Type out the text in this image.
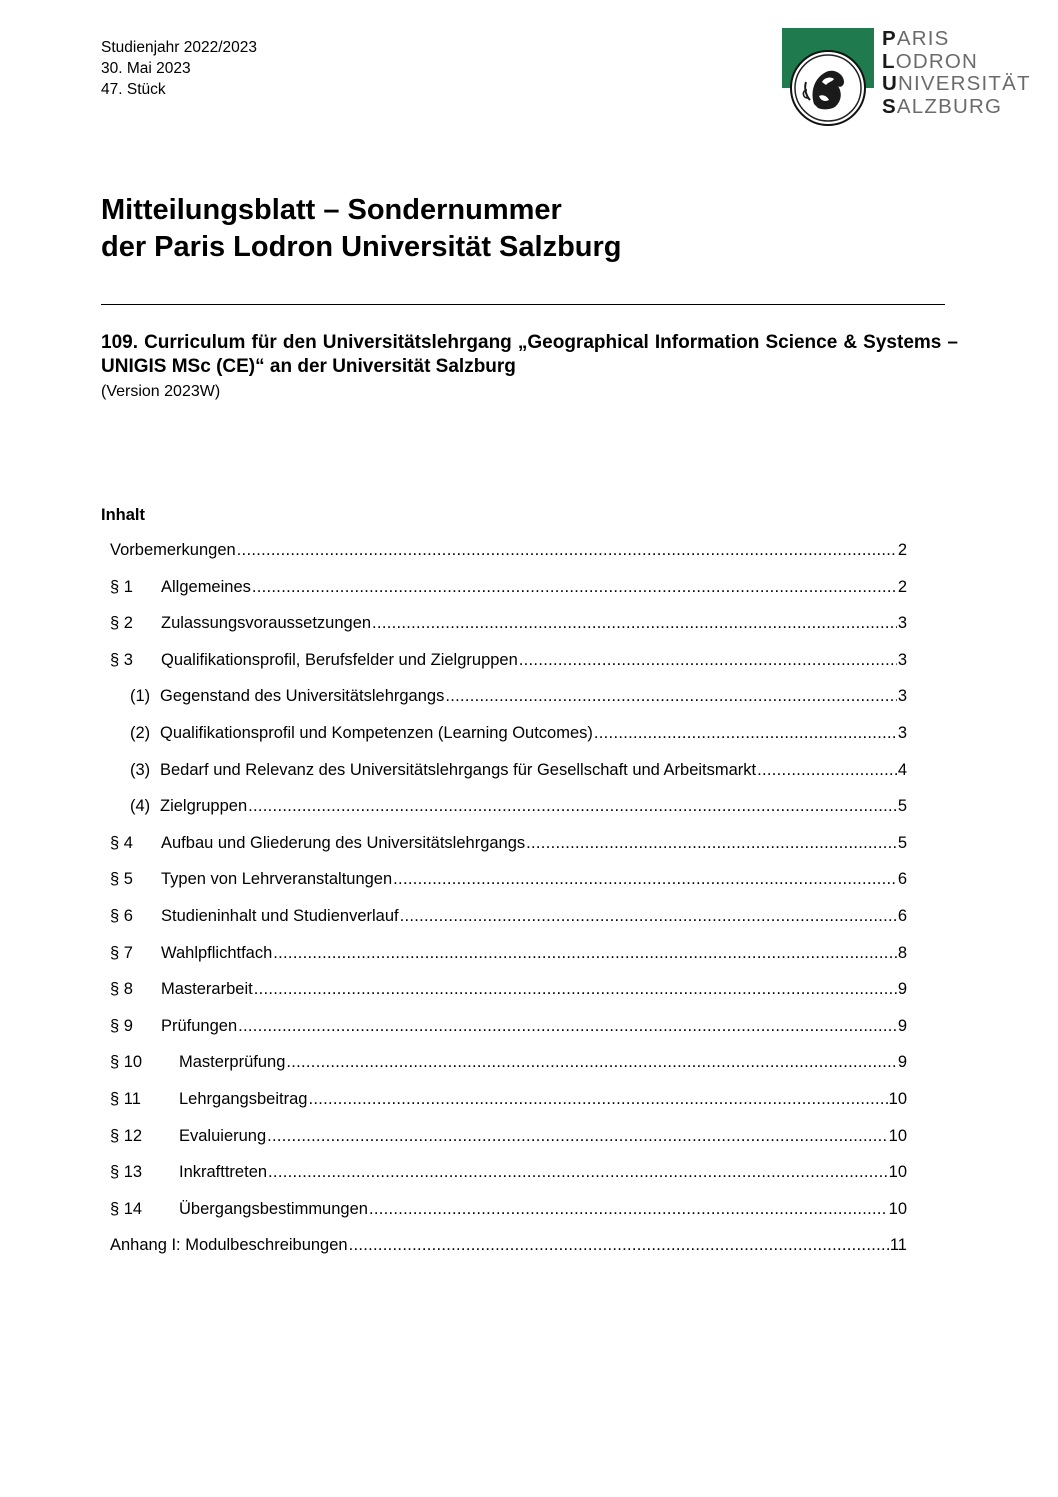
Studienjahr 2022/2023
30. Mai 2023
47. Stück
PARIS
LODRON
UNIVERSITÄT
SALZBURG
Mitteilungsblatt – Sondernummer
der Paris Lodron Universität Salzburg
109. Curriculum für den Universitätslehrgang „Geographical Information Science & Systems – UNIGIS MSc (CE)“ an der Universität Salzburg
(Version 2023W)
Inhalt
Vorbemerkungen .....	2
§ 1	Allgemeines .....	2
§ 2	Zulassungsvoraussetzungen .....	3
§ 3	Qualifikationsprofil, Berufsfelder und Zielgruppen .....	3
(1) Gegenstand des Universitätslehrgangs .....	3
(2) Qualifikationsprofil und Kompetenzen (Learning Outcomes) .....	3
(3) Bedarf und Relevanz des Universitätslehrgangs für Gesellschaft und Arbeitsmarkt .....	4
(4) Zielgruppen .....	5
§ 4	Aufbau und Gliederung des Universitätslehrgangs .....	5
§ 5	Typen von Lehrveranstaltungen .....	6
§ 6	Studieninhalt und Studienverlauf .....	6
§ 7	Wahlpflichtfach .....	8
§ 8	Masterarbeit .....	9
§ 9	Prüfungen .....	9
§ 10	Masterprüfung .....	9
§ 11	Lehrgangsbeitrag .....	10
§ 12	Evaluierung .....	10
§ 13	Inkrafttreten .....	10
§ 14	Übergangsbestimmungen .....	10
Anhang I: Modulbeschreibungen .....	11
